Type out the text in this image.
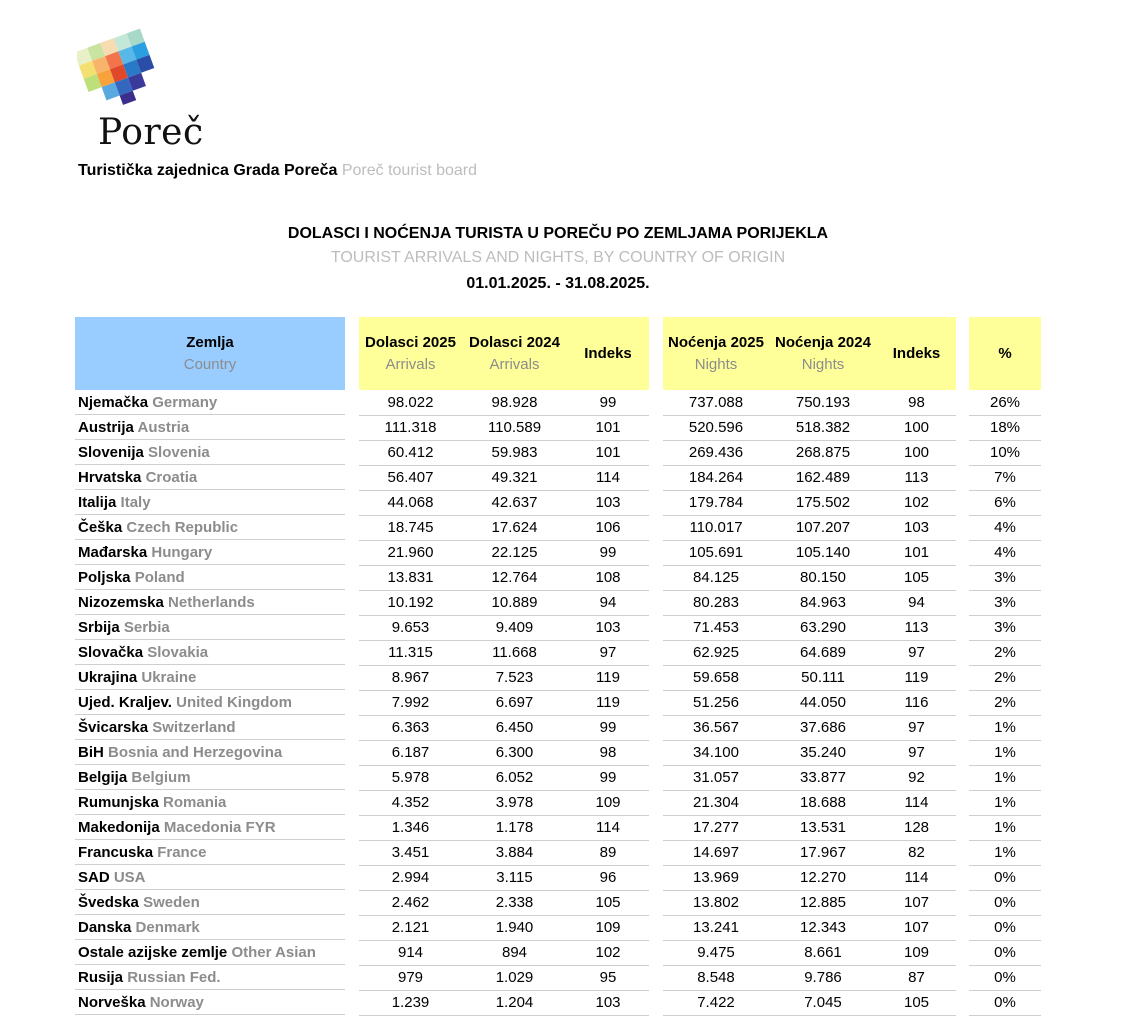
Poreč
Turistička zajednica Grada Poreča Poreč tourist board
DOLASCI I NOĆENJA TURISTA U POREČU PO ZEMLJAMA PORIJEKLA
TOURIST ARRIVALS AND NIGHTS, BY COUNTRY OF ORIGIN
01.01.2025. - 31.08.2025.
Zemlja
Country
Dolasci 2025
Arrivals
Dolasci 2024
Arrivals
Indeks
Noćenja 2025
Nights
Noćenja 2024
Nights
Indeks	%
Njemačka Germany	98.022	98.928	99	737.088	750.193	98	26%
Austrija Austria	111.318	110.589	101	520.596	518.382	100	18%
Slovenija Slovenia	60.412	59.983	101	269.436	268.875	100	10%
Hrvatska Croatia	56.407	49.321	114	184.264	162.489	113	7%
Italija Italy	44.068	42.637	103	179.784	175.502	102	6%
Češka Czech Republic	18.745	17.624	106	110.017	107.207	103	4%
Mađarska Hungary	21.960	22.125	99	105.691	105.140	101	4%
Poljska Poland	13.831	12.764	108	84.125	80.150	105	3%
Nizozemska Netherlands	10.192	10.889	94	80.283	84.963	94	3%
Srbija Serbia	9.653	9.409	103	71.453	63.290	113	3%
Slovačka Slovakia	11.315	11.668	97	62.925	64.689	97	2%
Ukrajina Ukraine	8.967	7.523	119	59.658	50.111	119	2%
Ujed. Kraljev. United Kingdom	7.992	6.697	119	51.256	44.050	116	2%
Švicarska Switzerland	6.363	6.450	99	36.567	37.686	97	1%
BiH Bosnia and Herzegovina	6.187	6.300	98	34.100	35.240	97	1%
Belgija Belgium	5.978	6.052	99	31.057	33.877	92	1%
Rumunjska Romania	4.352	3.978	109	21.304	18.688	114	1%
Makedonija Macedonia FYR	1.346	1.178	114	17.277	13.531	128	1%
Francuska France	3.451	3.884	89	14.697	17.967	82	1%
SAD USA	2.994	3.115	96	13.969	12.270	114	0%
Švedska Sweden	2.462	2.338	105	13.802	12.885	107	0%
Danska Denmark	2.121	1.940	109	13.241	12.343	107	0%
Ostale azijske zemlje Other Asian	914	894	102	9.475	8.661	109	0%
Rusija Russian Fed.	979	1.029	95	8.548	9.786	87	0%
Norveška Norway	1.239	1.204	103	7.422	7.045	105	0%
